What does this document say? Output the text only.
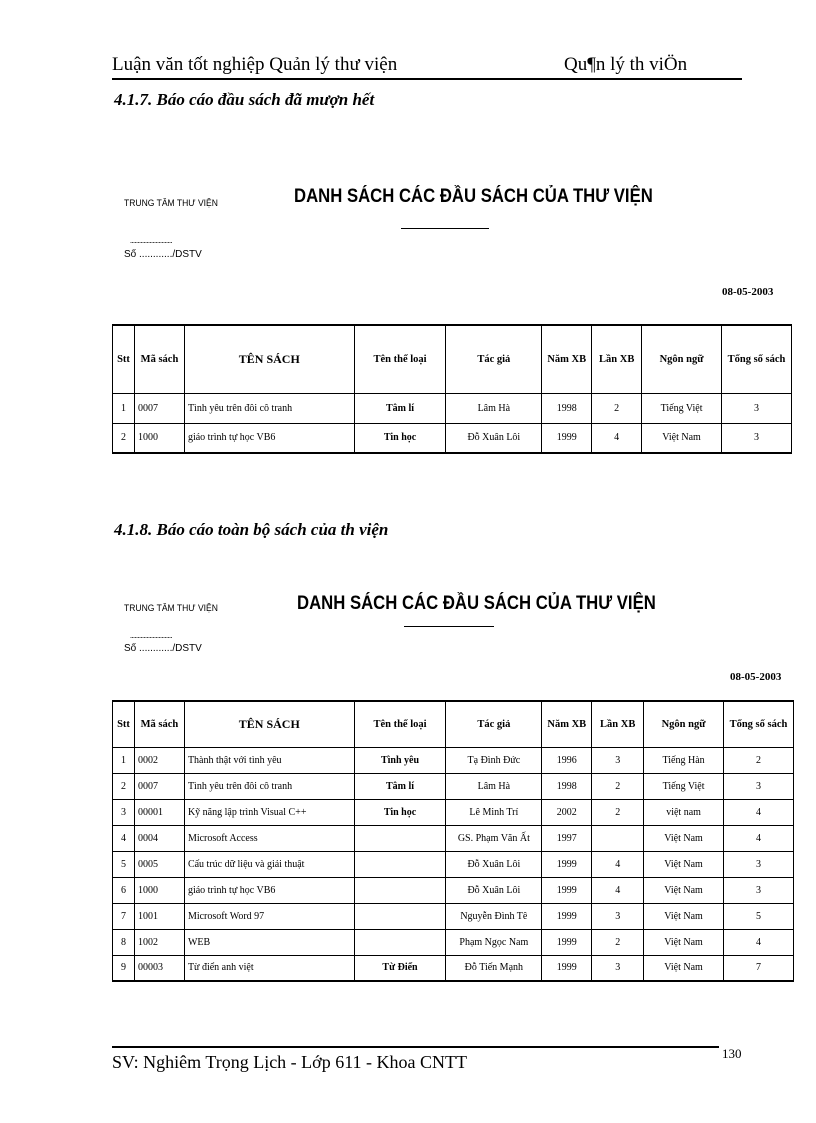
Luận văn tốt nghiệp Quản lý thư viện	Qu¶n lý th viÖn
4.1.7. Báo cáo đầu sách đã mượn hết
TRUNG TÂM THƯ VIỆN
............................
Số ............/DSTV
DANH SÁCH CÁC ĐẦU SÁCH CỦA THƯ VIỆN
08-05-2003
Stt	Mã sách	TÊN SÁCH	Tên thể loại	Tác giả	Năm XB	Lần XB	Ngôn ngữ	Tổng số sách
1	0007	Tình yêu trên đôi cô tranh	Tâm lí	Lâm Hà	1998	2	Tiếng Việt	3
2	1000	giáo trình tự học VB6	Tin học	Đỗ Xuân Lôi	1999	4	Việt Nam	3
4.1.8. Báo cáo toàn bộ sách của th viện
TRUNG TÂM THƯ VIỆN
............................
Số ............/DSTV
DANH SÁCH CÁC ĐẦU SÁCH CỦA THƯ VIỆN
08-05-2003
Stt	Mã sách	TÊN SÁCH	Tên thể loại	Tác giả	Năm XB	Lần XB	Ngôn ngữ	Tổng số sách
1	0002	Thành thật với tình yêu	Tình yêu	Tạ Đình Đức	1996	3	Tiếng Hàn	2
2	0007	Tình yêu trên đôi cô tranh	Tâm lí	Lâm Hà	1998	2	Tiếng Việt	3
3	00001	Kỹ năng lập trình Visual C++	Tin học	Lê Minh Trí	2002	2	việt nam	4
4	0004	Microsoft Access		GS. Phạm Văn Ất	1997		Việt Nam	4
5	0005	Cấu trúc dữ liệu và giải thuật		Đỗ Xuân Lôi	1999	4	Việt Nam	3
6	1000	giáo trình tự học VB6		Đỗ Xuân Lôi	1999	4	Việt Nam	3
7	1001	Microsoft Word 97		Nguyễn Đình Tê	1999	3	Việt Nam	5
8	1002	WEB		Phạm Ngọc Nam	1999	2	Việt Nam	4
9	00003	Từ điển anh việt	Từ Điển	Đỗ Tiến Mạnh	1999	3	Việt Nam	7
SV: Nghiêm Trọng Lịch - Lớp 611 - Khoa CNTT	130
